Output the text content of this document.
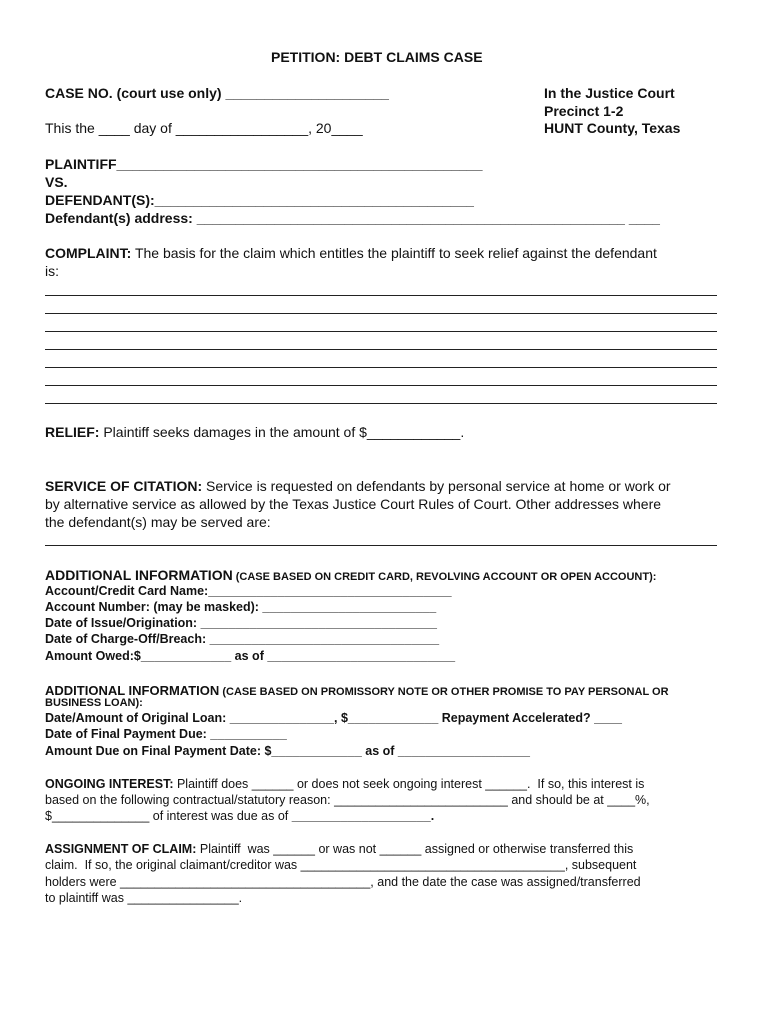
PETITION: DEBT CLAIMS CASE
CASE NO. (court use only) _____________________
This the ____ day of _________________, 20____
In the Justice Court
Precinct 1-2
HUNT County, Texas
PLAINTIFF_______________________________________________
VS.
DEFENDANT(S):_________________________________________
Defendant(s) address: _______________________________________________________ ____
COMPLAINT: The basis for the claim which entitles the plaintiff to seek relief against the defendant
is:
RELIEF: Plaintiff seeks damages in the amount of $____________.
SERVICE OF CITATION: Service is requested on defendants by personal service at home or work or
by alternative service as allowed by the Texas Justice Court Rules of Court. Other addresses where
the defendant(s) may be served are:
ADDITIONAL INFORMATION (CASE BASED ON CREDIT CARD, REVOLVING ACCOUNT OR OPEN ACCOUNT):
Account/Credit Card Name:___________________________________
Account Number: (may be masked): _________________________
Date of Issue/Origination: __________________________________
Date of Charge-Off/Breach: _________________________________
Amount Owed:$_____________ as of ___________________________
ADDITIONAL INFORMATION (CASE BASED ON PROMISSORY NOTE OR OTHER PROMISE TO PAY PERSONAL OR
BUSINESS LOAN):
Date/Amount of Original Loan: _______________, $_____________ Repayment Accelerated? ____
Date of Final Payment Due: ___________
Amount Due on Final Payment Date: $_____________ as of ___________________
ONGOING INTEREST: Plaintiff does ______ or does not seek ongoing interest ______.  If so, this interest is
based on the following contractual/statutory reason: _________________________ and should be at ____%,
$______________ of interest was due as of ____________________.
ASSIGNMENT OF CLAIM: Plaintiff  was ______ or was not ______ assigned or otherwise transferred this
claim.  If so, the original claimant/creditor was ______________________________________, subsequent
holders were ____________________________________, and the date the case was assigned/transferred
to plaintiff was ________________.
